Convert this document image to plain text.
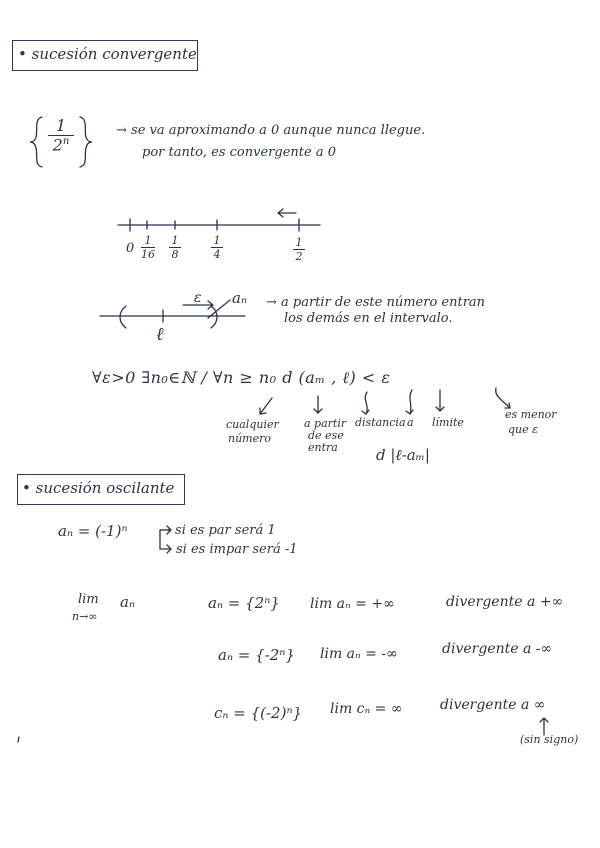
• sucesión convergente
1
$2^n$
→ se va aproximando a 0 aunque nunca llegue.
por tanto, es convergente a 0
0
1
16
1
8
1
4
1
2
ε aₙ
ℓ
→ a partir de este número entran
los demás en el intervalo.
∀ε>0 ∃n₀∈ℕ / ∀n ≥ n₀ d (aₘ , ℓ) < ε
cualquier
número
a partir
de ese
entra
distancia a límite
es menor
que ε
d |ℓ-aₘ|
• sucesión oscilante
aₙ = (-1)ⁿ → si es par será 1
si es impar será -1
lim
n→∞
aₙ	aₙ = {2ⁿ} lim aₙ = +∞	divergente a +∞
aₙ = {-2ⁿ} lim aₙ = -∞	divergente a -∞
cₙ = {(-2)ⁿ} lim cₙ = ∞	divergente a ∞
(sin signo)
